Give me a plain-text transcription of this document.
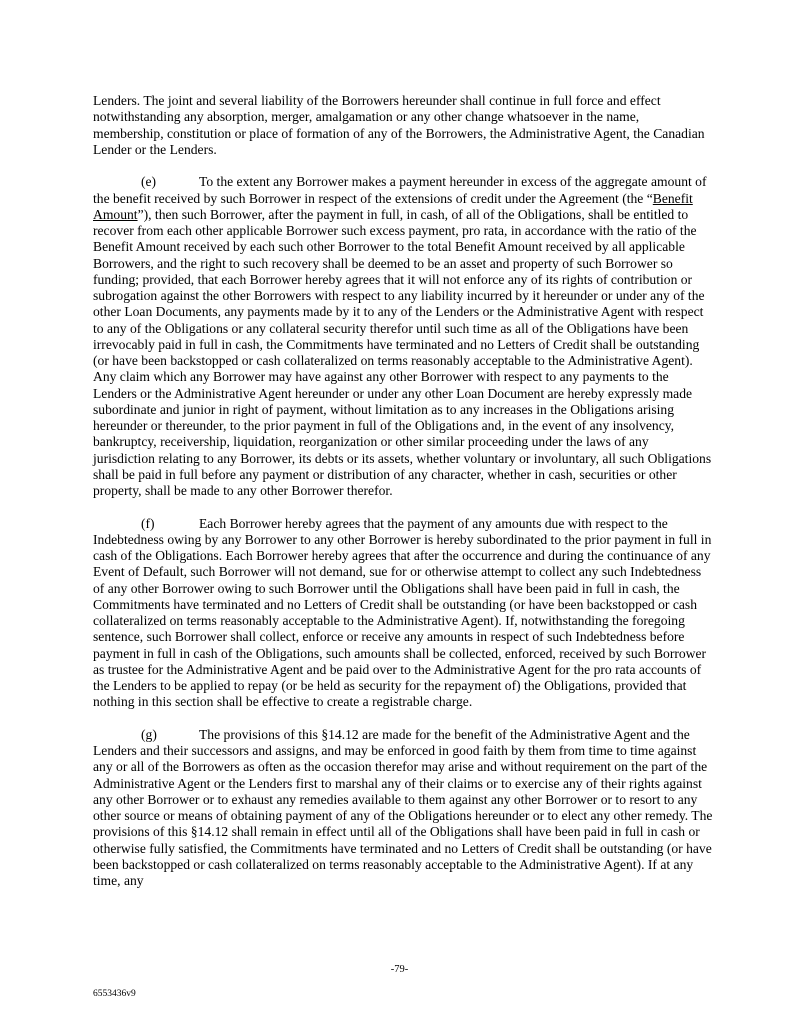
Lenders. The joint and several liability of the Borrowers hereunder shall continue in full force and effect notwithstanding any absorption, merger, amalgamation or any other change whatsoever in the name, membership, constitution or place of formation of any of the Borrowers, the Administrative Agent, the Canadian Lender or the Lenders.

(e)	To the extent any Borrower makes a payment hereunder in excess of the aggregate amount of the benefit received by such Borrower in respect of the extensions of credit under the Agreement (the “Benefit Amount”), then such Borrower, after the payment in full, in cash, of all of the Obligations, shall be entitled to recover from each other applicable Borrower such excess payment, pro rata, in accordance with the ratio of the Benefit Amount received by each such other Borrower to the total Benefit Amount received by all applicable Borrowers, and the right to such recovery shall be deemed to be an asset and property of such Borrower so funding; provided, that each Borrower hereby agrees that it will not enforce any of its rights of contribution or subrogation against the other Borrowers with respect to any liability incurred by it hereunder or under any of the other Loan Documents, any payments made by it to any of the Lenders or the Administrative Agent with respect to any of the Obligations or any collateral security therefor until such time as all of the Obligations have been irrevocably paid in full in cash, the Commitments have terminated and no Letters of Credit shall be outstanding (or have been backstopped or cash collateralized on terms reasonably acceptable to the Administrative Agent). Any claim which any Borrower may have against any other Borrower with respect to any payments to the Lenders or the Administrative Agent hereunder or under any other Loan Document are hereby expressly made subordinate and junior in right of payment, without limitation as to any increases in the Obligations arising hereunder or thereunder, to the prior payment in full of the Obligations and, in the event of any insolvency, bankruptcy, receivership, liquidation, reorganization or other similar proceeding under the laws of any jurisdiction relating to any Borrower, its debts or its assets, whether voluntary or involuntary, all such Obligations shall be paid in full before any payment or distribution of any character, whether in cash, securities or other property, shall be made to any other Borrower therefor.

(f)	Each Borrower hereby agrees that the payment of any amounts due with respect to the Indebtedness owing by any Borrower to any other Borrower is hereby subordinated to the prior payment in full in cash of the Obligations. Each Borrower hereby agrees that after the occurrence and during the continuance of any Event of Default, such Borrower will not demand, sue for or otherwise attempt to collect any such Indebtedness of any other Borrower owing to such Borrower until the Obligations shall have been paid in full in cash, the Commitments have terminated and no Letters of Credit shall be outstanding (or have been backstopped or cash collateralized on terms reasonably acceptable to the Administrative Agent). If, notwithstanding the foregoing sentence, such Borrower shall collect, enforce or receive any amounts in respect of such Indebtedness before payment in full in cash of the Obligations, such amounts shall be collected, enforced, received by such Borrower as trustee for the Administrative Agent and be paid over to the Administrative Agent for the pro rata accounts of the Lenders to be applied to repay (or be held as security for the repayment of) the Obligations, provided that nothing in this section shall be effective to create a registrable charge.

(g)	The provisions of this §14.12 are made for the benefit of the Administrative Agent and the Lenders and their successors and assigns, and may be enforced in good faith by them from time to time against any or all of the Borrowers as often as the occasion therefor may arise and without requirement on the part of the Administrative Agent or the Lenders first to marshal any of their claims or to exercise any of their rights against any other Borrower or to exhaust any remedies available to them against any other Borrower or to resort to any other source or means of obtaining payment of any of the Obligations hereunder or to elect any other remedy. The provisions of this §14.12 shall remain in effect until all of the Obligations shall have been paid in full in cash or otherwise fully satisfied, the Commitments have terminated and no Letters of Credit shall be outstanding (or have been backstopped or cash collateralized on terms reasonably acceptable to the Administrative Agent). If at any time, any

-79-
6553436v9
